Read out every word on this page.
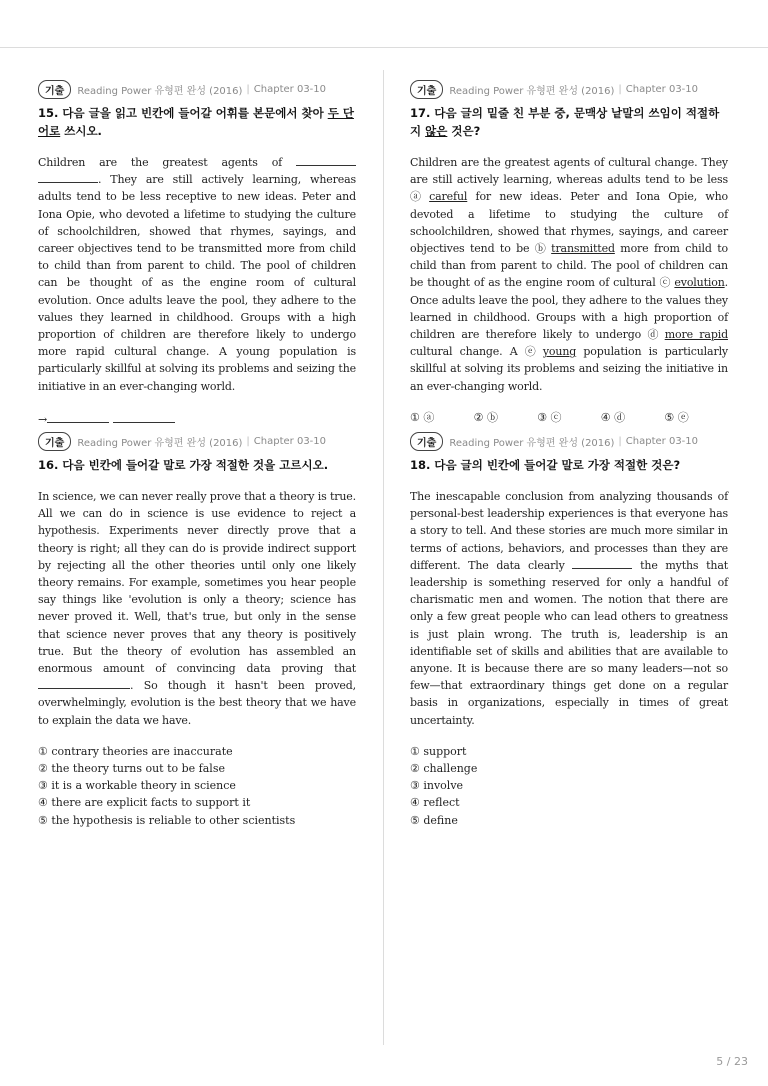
기출	Reading Power 유형편 완성 (2016) | Chapter 03-10
15. 다음 글을 읽고 빈칸에 들어갈 어휘를 본문에서 찾아 두 단
어로 쓰시오.
Children are the greatest agents of  . They are still actively learning, whereas adults tend to be less receptive to new ideas. Peter and Iona Opie, who devoted a lifetime to studying the culture of schoolchildren, showed that rhymes, sayings, and career objectives tend to be transmitted more from child to child than from parent to child. The pool of children can be thought of as the engine room of cultural evolution. Once adults leave the pool, they adhere to the values they learned in childhood. Groups with a high proportion of children are therefore likely to undergo more rapid cultural change. A young population is particularly skillful at solving its problems and seizing the initiative in an ever-changing world.
→
기출	Reading Power 유형편 완성 (2016) | Chapter 03-10
16. 다음 빈칸에 들어갈 말로 가장 적절한 것을 고르시오.
In science, we can never really prove that a theory is true. All we can do in science is use evidence to reject a hypothesis. Experiments never directly prove that a theory is right; all they can do is provide indirect support by rejecting all the other theories until only one likely theory remains. For example, sometimes you hear people say things like 'evolution is only a theory; science has never proved it. Well, that's true, but only in the sense that science never proves that any theory is positively true. But the theory of evolution has assembled an enormous amount of convincing data proving that . So though it hasn't been proved, overwhelmingly, evolution is the best theory that we have to explain the data we have.
① contrary theories are inaccurate
② the theory turns out to be false
③ it is a workable theory in science
④ there are explicit facts to support it
⑤ the hypothesis is reliable to other scientists
기출	Reading Power 유형편 완성 (2016) | Chapter 03-10
17. 다음 글의 밑줄 친 부분 중, 문맥상 낱말의 쓰임이 적절하지 않은 것은?
Children are the greatest agents of cultural change. They are still actively learning, whereas adults tend to be less ⓐ careful for new ideas. Peter and Iona Opie, who devoted a lifetime to studying the culture of schoolchildren, showed that rhymes, sayings, and career objectives tend to be ⓑ transmitted more from child to child than from parent to child. The pool of children can be thought of as the engine room of cultural ⓒ evolution. Once adults leave the pool, they adhere to the values they learned in childhood. Groups with a high proportion of children are therefore likely to undergo ⓓ more rapid cultural change. A ⓔ young population is particularly skillful at solving its problems and seizing the initiative in an ever-changing world.
① ⓐ	② ⓑ	③ ⓒ	④ ⓓ	⑤ ⓔ
기출	Reading Power 유형편 완성 (2016) | Chapter 03-10
18. 다음 글의 빈칸에 들어갈 말로 가장 적절한 것은?
The inescapable conclusion from analyzing thousands of personal-best leadership experiences is that everyone has a story to tell. And these stories are much more similar in terms of actions, behaviors, and processes than they are different. The data clearly	the myths that leadership is something reserved for only a handful of charismatic men and women. The notion that there are only a few great people who can lead others to greatness is just plain wrong. The truth is, leadership is an identifiable set of skills and abilities that are available to anyone. It is because there are so many leaders—not so few—that extraordinary things get done on a regular basis in organizations, especially in times of great uncertainty.
① support
② challenge
③ involve
④ reflect
⑤ define
5 / 23
